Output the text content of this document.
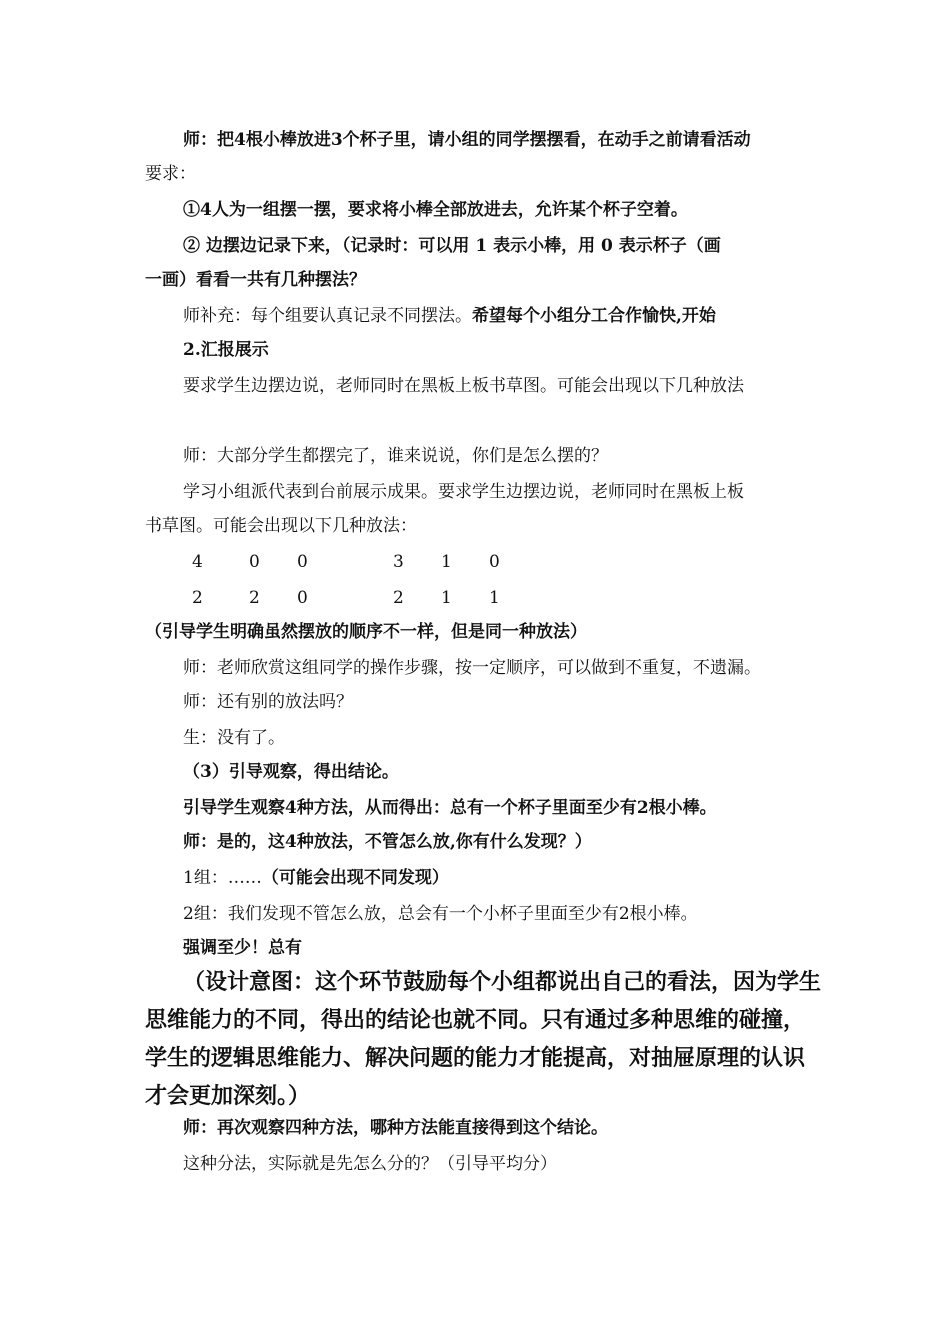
师：把4根小棒放进3个杯子里，请小组的同学摆摆看，在动手之前请看活动
要求：
①4人为一组摆一摆，要求将小棒全部放进去，允许某个杯子空着。
② 边摆边记录下来，（记录时：可以用 1 表示小棒，用 0 表示杯子（画
一画）看看一共有几种摆法？
师补充：每个组要认真记录不同摆法。希望每个小组分工合作愉快,开始
2.汇报展示
要求学生边摆边说，老师同时在黑板上板书草图。可能会出现以下几种放法
师：大部分学生都摆完了，谁来说说，你们是怎么摆的？
学习小组派代表到台前展示成果。要求学生边摆边说，老师同时在黑板上板
书草图。可能会出现以下几种放法：
4	0 0	3 1 0
2	2 0	2 1 1
（引导学生明确虽然摆放的顺序不一样，但是同一种放法）
师：老师欣赏这组同学的操作步骤，按一定顺序，可以做到不重复，不遗漏。
师：还有别的放法吗？
生：没有了。
（3）引导观察，得出结论。
引导学生观察4种方法，从而得出：总有一个杯子里面至少有2根小棒。
师：是的，这4种放法，不管怎么放,你有什么发现？）
1组：……（可能会出现不同发现）
2组：我们发现不管怎么放，总会有一个小杯子里面至少有2根小棒。
强调至少！总有
（设计意图：这个环节鼓励每个小组都说出自己的看法，因为学生
思维能力的不同，得出的结论也就不同。只有通过多种思维的碰撞，
学生的逻辑思维能力、解决问题的能力才能提高，对抽屉原理的认识
才会更加深刻。）
师：再次观察四种方法，哪种方法能直接得到这个结论。
这种分法，实际就是先怎么分的？（引导平均分）
